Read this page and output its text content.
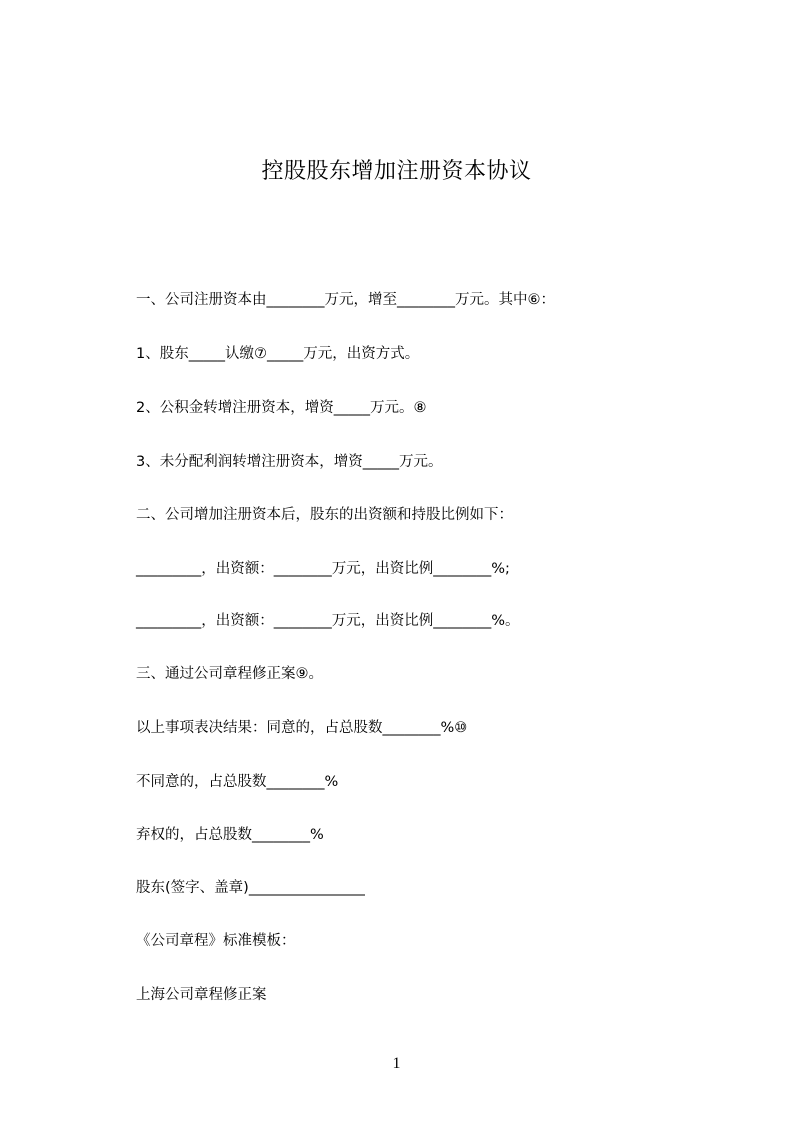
控股股东增加注册资本协议
一、公司注册资本由________万元，增至________万元。其中⑥：
1、股东_____认缴⑦_____万元，出资方式。
2、公积金转增注册资本，增资_____万元。⑧
3、未分配利润转增注册资本，增资_____万元。
二、公司增加注册资本后，股东的出资额和持股比例如下：
_________，出资额：________万元，出资比例________%;
_________，出资额：________万元，出资比例________%。
三、通过公司章程修正案⑨。
以上事项表决结果：同意的，占总股数________%⑩
不同意的，占总股数________%
弃权的，占总股数________%
股东(签字、盖章)________________
《公司章程》标准模板：
上海公司章程修正案
1
